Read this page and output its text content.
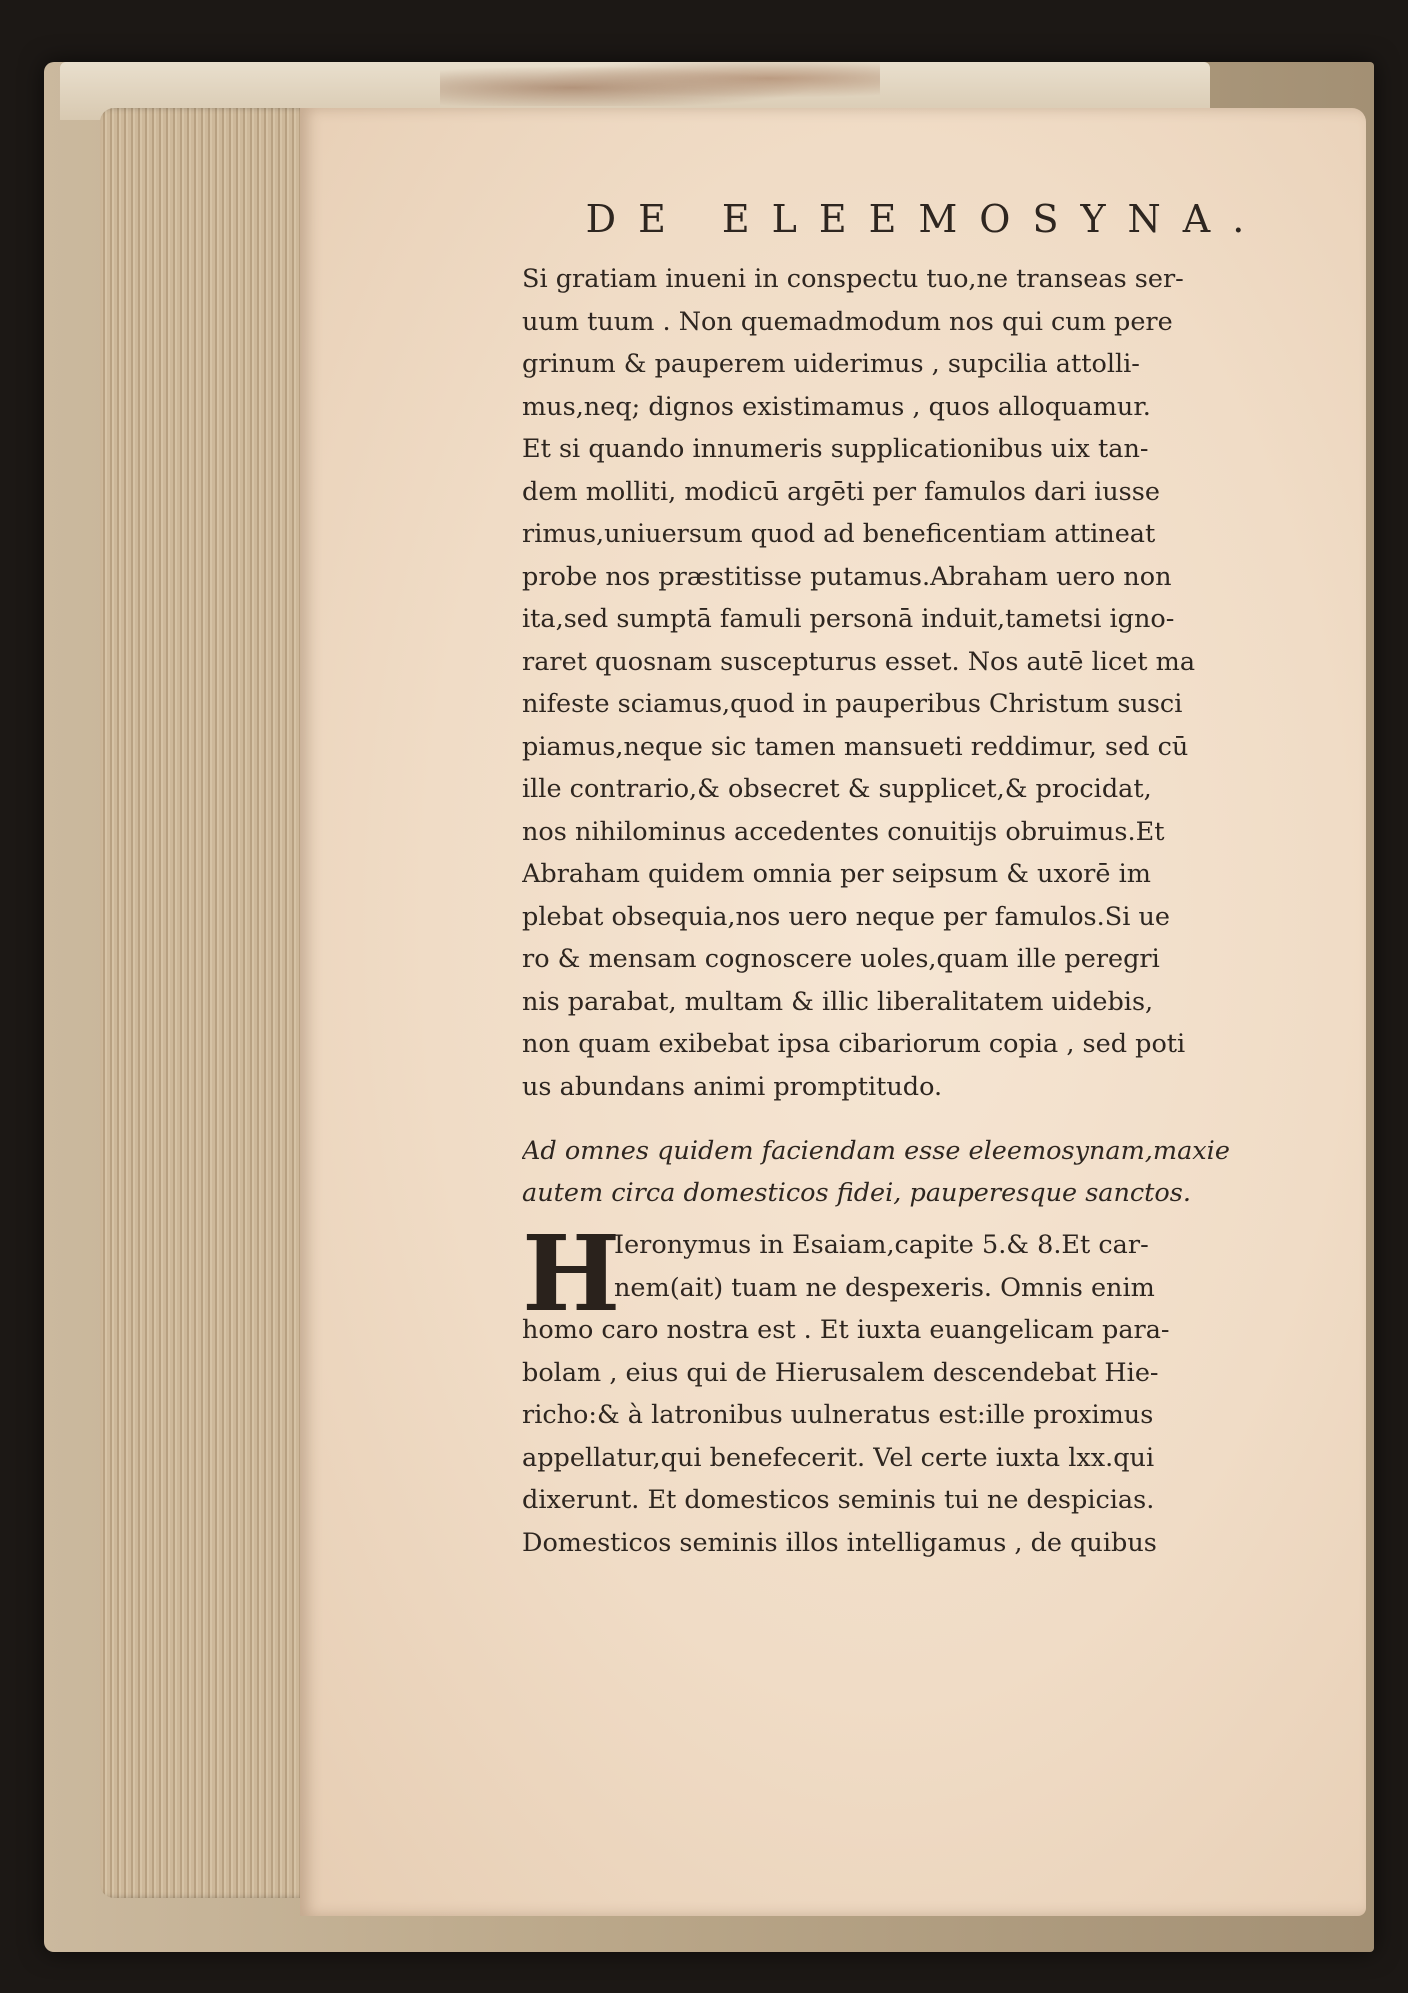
DE ELEEMOSYNA.
Si gratiam inueni in conspectu tuo,ne transeas ser-
uum tuum . Non quemadmodum nos qui cum pere
grinum & pauperem uiderimus , supcilia attolli-
mus,neq; dignos existimamus , quos alloquamur.
Et si quando innumeris supplicationibus uix tan-
dem molliti, modicū argēti per famulos dari iusse
rimus,uniuersum quod ad beneficentiam attineat
probe nos præstitisse putamus.Abraham uero non
ita,sed sumptā famuli personā induit,tametsi igno-
raret quosnam suscepturus esset. Nos autē licet ma
nifeste sciamus,quod in pauperibus Christum susci
piamus,neque sic tamen mansueti reddimur, sed cū
ille contrario,& obsecret & supplicet,& procidat,
nos nihilominus accedentes conuitijs obruimus.Et
Abraham quidem omnia per seipsum & uxorē im
plebat obsequia,nos uero neque per famulos.Si ue
ro & mensam cognoscere uoles,quam ille peregri
nis parabat, multam & illic liberalitatem uidebis,
non quam exibebat ipsa cibariorum copia , sed poti
us abundans animi promptitudo.
Ad omnes quidem faciendam esse eleemosynam,maxie
autem circa domesticos fidei, pauperesque sanctos.
H
Ieronymus in Esaiam,capite 5.& 8.Et car-
nem(ait) tuam ne despexeris. Omnis enim
homo caro nostra est . Et iuxta euangelicam para-
bolam , eius qui de Hierusalem descendebat Hie-
richo:& à latronibus uulneratus est:ille proximus
appellatur,qui benefecerit. Vel certe iuxta lxx.qui
dixerunt. Et domesticos seminis tui ne despicias.
Domesticos seminis illos intelligamus , de quibus
